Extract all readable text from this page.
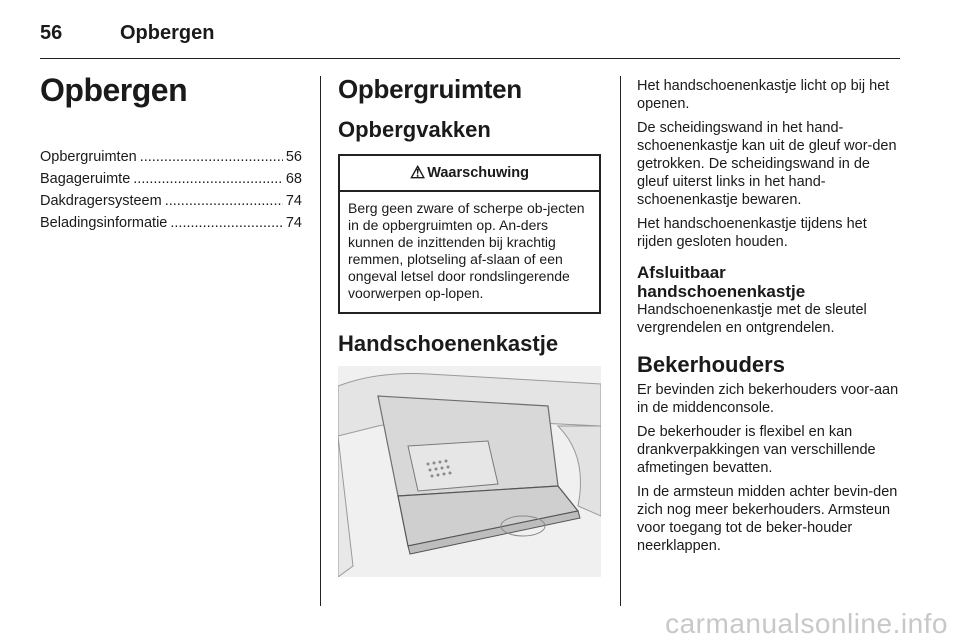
56	Opbergen
Opbergen
Opbergruimten .....	56
Bagageruimte .....	68
Dakdragersysteem .....	74
Beladingsinformatie .....	74
Opbergruimten
Opbergvakken
⚠ Waarschuwing
Berg geen zware of scherpe ob-jecten in de opbergruimten op. An-ders kunnen de inzittenden bij krachtig remmen, plotseling af-slaan of een ongeval letsel door rondslingerende voorwerpen op-lopen.
Handschoenenkastje

Het handschoenenkastje licht op bij het openen.

De scheidingswand in het hand-schoenenkastje kan uit de gleuf wor-den getrokken. De scheidingswand in de gleuf uiterst links in het hand-schoenenkastje bewaren.

Het handschoenenkastje tijdens het rijden gesloten houden.

Afsluitbaar
handschoenenkastje

Handschoenenkastje met de sleutel vergrendelen en ontgrendelen.

Bekerhouders

Er bevinden zich bekerhouders voor-aan in de middenconsole.

De bekerhouder is flexibel en kan drankverpakkingen van verschillende afmetingen bevatten.

In de armsteun midden achter bevin-den zich nog meer bekerhouders. Armsteun voor toegang tot de beker-houder neerklappen.

carmanualsonline.info
